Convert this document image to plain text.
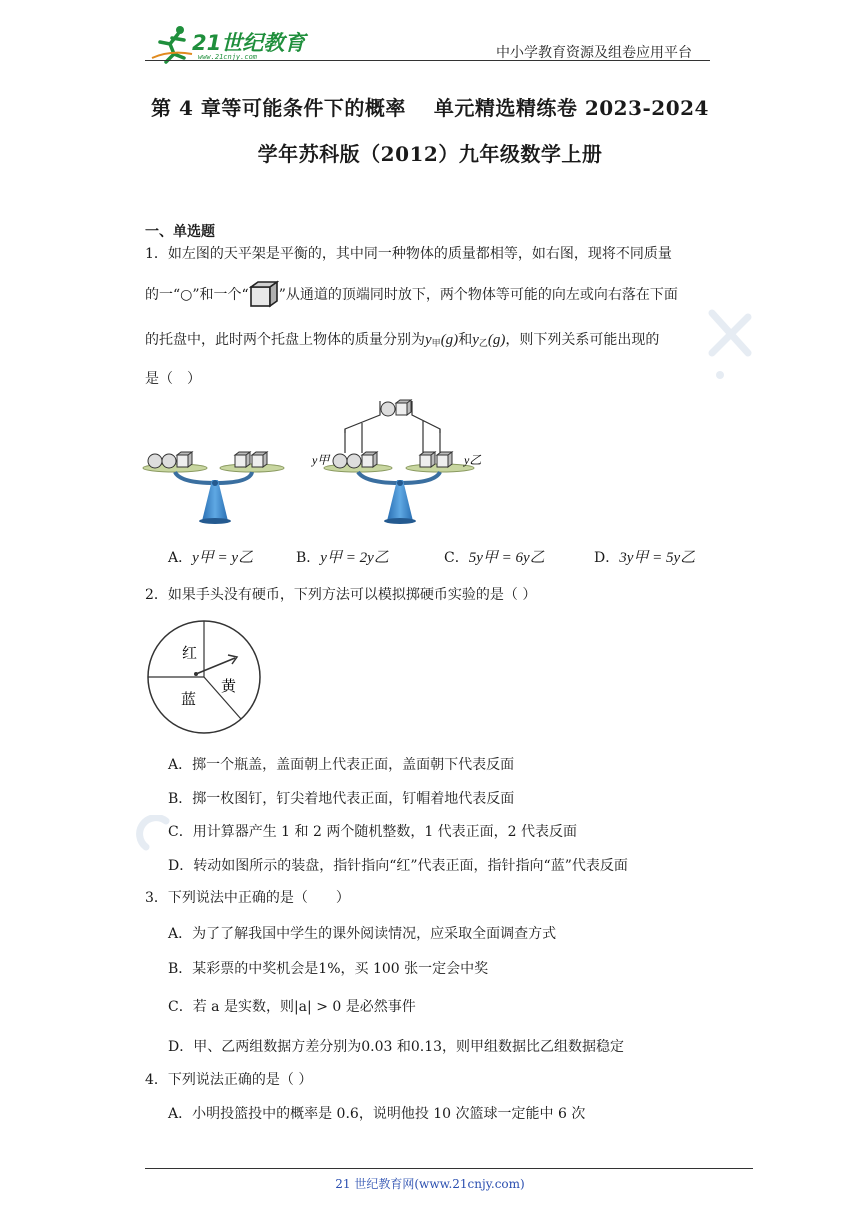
21世纪教育
www.21cnjy.com	中小学教育资源及组卷应用平台
第 4 章等可能条件下的概率　 单元精选精练卷 2023-2024
学年苏科版（2012）九年级数学上册
一、单选题
1．如左图的天平架是平衡的，其中同一种物体的质量都相等，如右图，现将不同质量
的一“○”和一个“ ”从通道的顶端同时放下，两个物体等可能的向左或向右落在下面
的托盘中，此时两个托盘上物体的质量分别为$y_甲(g)$和$y_乙(g)$，则下列关系可能出现的
是（　）
y甲	y乙
A．y甲 = y乙	B．y甲 = 2y乙	C．5y甲 = 6y乙	D．3y甲 = 5y乙
2．如果手头没有硬币，下列方法可以模拟掷硬币实验的是（ ）
红
黄
蓝
A．掷一个瓶盖，盖面朝上代表正面，盖面朝下代表反面
B．掷一枚图钉，钉尖着地代表正面，钉帽着地代表反面
C．用计算器产生 1 和 2 两个随机整数，1 代表正面，2 代表反面
D．转动如图所示的装盘，指针指向“红”代表正面，指针指向“蓝”代表反面
3．下列说法中正确的是（　　）
A．为了了解我国中学生的课外阅读情况，应采取全面调查方式
B．某彩票的中奖机会是1%，买 100 张一定会中奖
C．若 a 是实数，则|a| > 0 是必然事件
D．甲、乙两组数据方差分别为0.03 和0.13，则甲组数据比乙组数据稳定
4．下列说法正确的是（ ）
A．小明投篮投中的概率是 0.6，说明他投 10 次篮球一定能中 6 次
21 世纪教育网(www.21cnjy.com)
